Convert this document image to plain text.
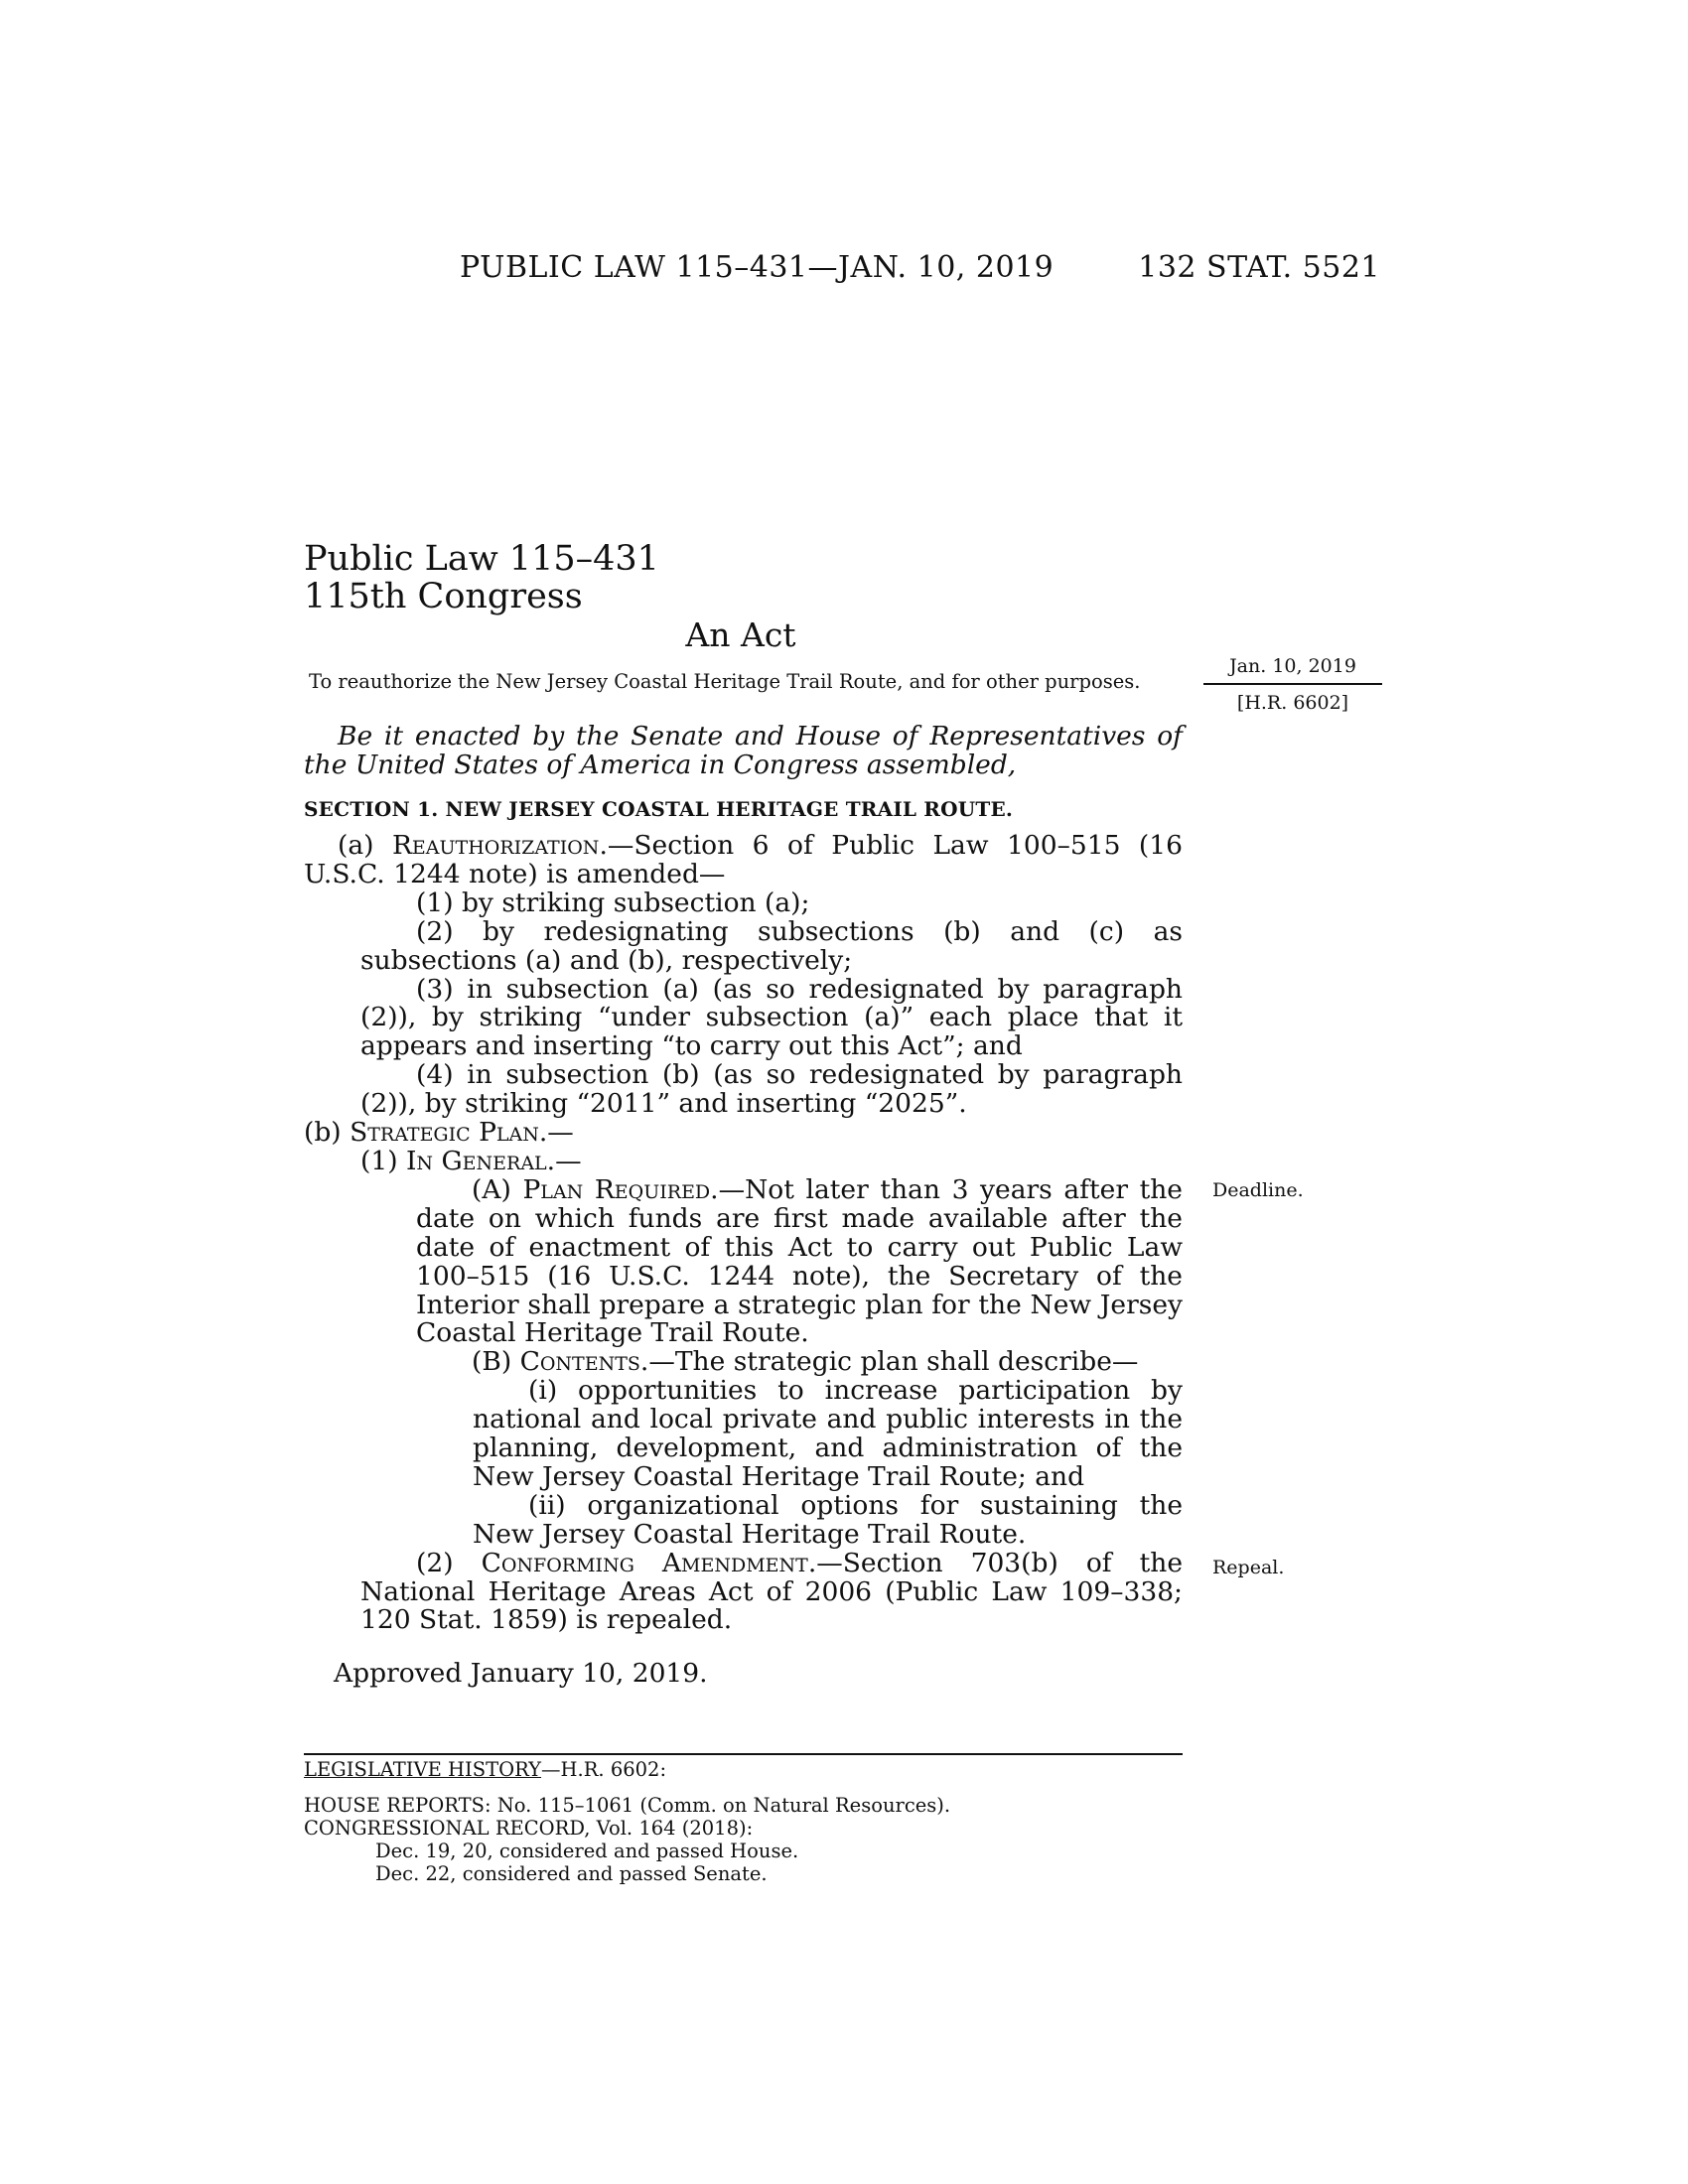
PUBLIC LAW 115–431—JAN. 10, 2019	132 STAT. 5521
Public Law 115–431
115th Congress
An Act
To reauthorize the New Jersey Coastal Heritage Trail Route, and for other purposes.
Jan. 10, 2019
[H.R. 6602]
Deadline.
Repeal.

Be it enacted by the Senate and House of Representatives of the United States of America in Congress assembled,

SECTION 1. NEW JERSEY COASTAL HERITAGE TRAIL ROUTE.

(a) Reauthorization.—Section 6 of Public Law 100–515 (16 U.S.C. 1244 note) is amended—

(1) by striking subsection (a);

(2) by redesignating subsections (b) and (c) as subsections (a) and (b), respectively;

(3) in subsection (a) (as so redesignated by paragraph (2)), by striking “under subsection (a)” each place that it appears and inserting “to carry out this Act”; and

(4) in subsection (b) (as so redesignated by paragraph (2)), by striking “2011” and inserting “2025”.

(b) Strategic Plan.—

(1) In General.—

(A) Plan Required.—Not later than 3 years after the date on which funds are first made available after the date of enactment of this Act to carry out Public Law 100–515 (16 U.S.C. 1244 note), the Secretary of the Interior shall prepare a strategic plan for the New Jersey Coastal Heritage Trail Route.

(B) Contents.—The strategic plan shall describe—

(i) opportunities to increase participation by national and local private and public interests in the planning, development, and administration of the New Jersey Coastal Heritage Trail Route; and

(ii) organizational options for sustaining the New Jersey Coastal Heritage Trail Route.

(2) Conforming Amendment.—Section 703(b) of the National Heritage Areas Act of 2006 (Public Law 109–338; 120 Stat. 1859) is repealed.

Approved January 10, 2019.
LEGISLATIVE HISTORY—H.R. 6602:
HOUSE REPORTS: No. 115–1061 (Comm. on Natural Resources).
CONGRESSIONAL RECORD, Vol. 164 (2018):
Dec. 19, 20, considered and passed House.
Dec. 22, considered and passed Senate.
